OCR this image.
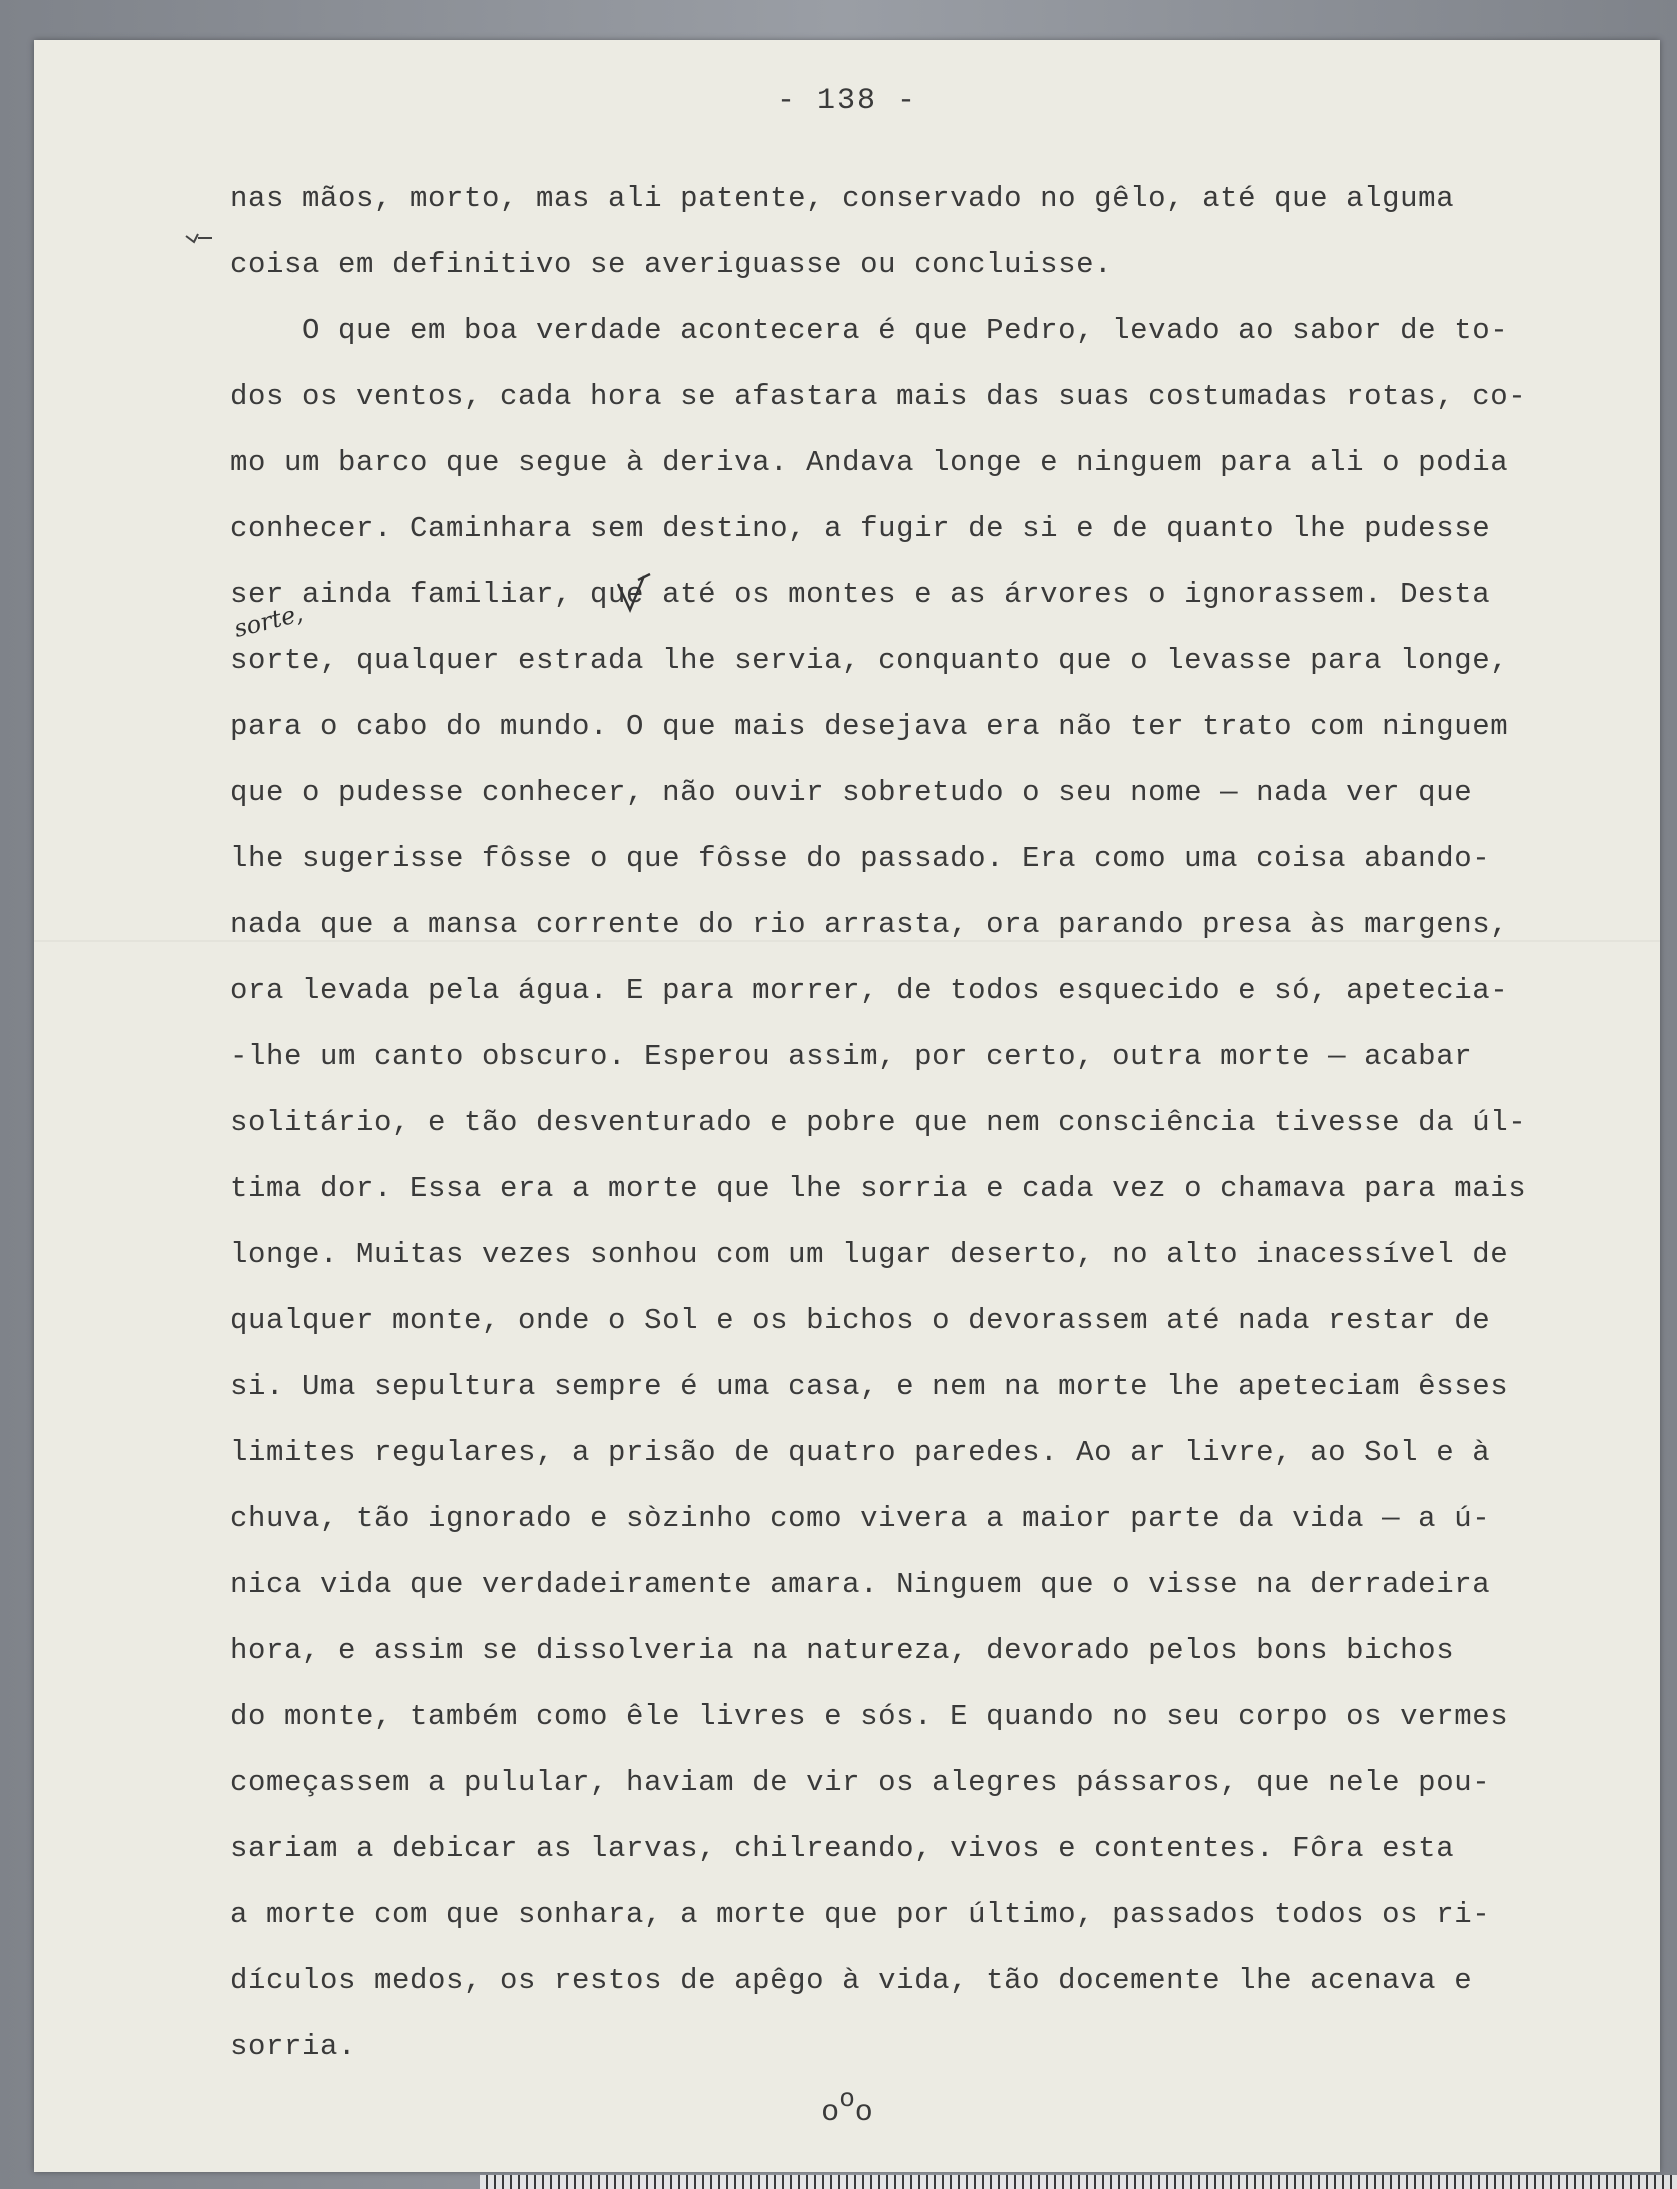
- 138 -
nas mãos, morto, mas ali patente, conservado no gêlo, até que alguma
coisa em definitivo se averiguasse ou concluisse.
O que em boa verdade acontecera é que Pedro, levado ao sabor de to-
dos os ventos, cada hora se afastara mais das suas costumadas rotas, co-
mo um barco que segue à deriva. Andava longe e ninguem para ali o podia
conhecer. Caminhara sem destino, a fugir de si e de quanto lhe pudesse
ser ainda familiar, que até os montes e as árvores o ignorassem. Desta
sorte, qualquer estrada lhe servia, conquanto que o levasse para longe,
para o cabo do mundo. O que mais desejava era não ter trato com ninguem
que o pudesse conhecer, não ouvir sobretudo o seu nome — nada ver que
lhe sugerisse fôsse o que fôsse do passado. Era como uma coisa abando-
nada que a mansa corrente do rio arrasta, ora parando presa às margens,
ora levada pela água. E para morrer, de todos esquecido e só, apetecia-
-lhe um canto obscuro. Esperou assim, por certo, outra morte — acabar
solitário, e tão desventurado e pobre que nem consciência tivesse da úl-
tima dor. Essa era a morte que lhe sorria e cada vez o chamava para mais
longe. Muitas vezes sonhou com um lugar deserto, no alto inacessível de
qualquer monte, onde o Sol e os bichos o devorassem até nada restar de
si. Uma sepultura sempre é uma casa, e nem na morte lhe apeteciam êsses
limites regulares, a prisão de quatro paredes. Ao ar livre, ao Sol e à
chuva, tão ignorado e sòzinho como vivera a maior parte da vida — a ú-
nica vida que verdadeiramente amara. Ninguem que o visse na derradeira
hora, e assim se dissolveria na natureza, devorado pelos bons bichos
do monte, também como êle livres e sós. E quando no seu corpo os vermes
começassem a pulular, haviam de vir os alegres pássaros, que nele pou-
sariam a debicar as larvas, chilreando, vivos e contentes. Fôra esta
a morte com que sonhara, a morte que por último, passados todos os ri-
dículos medos, os restos de apêgo à vida, tão docemente lhe acenava e
sorria.
sorte,
ooo
